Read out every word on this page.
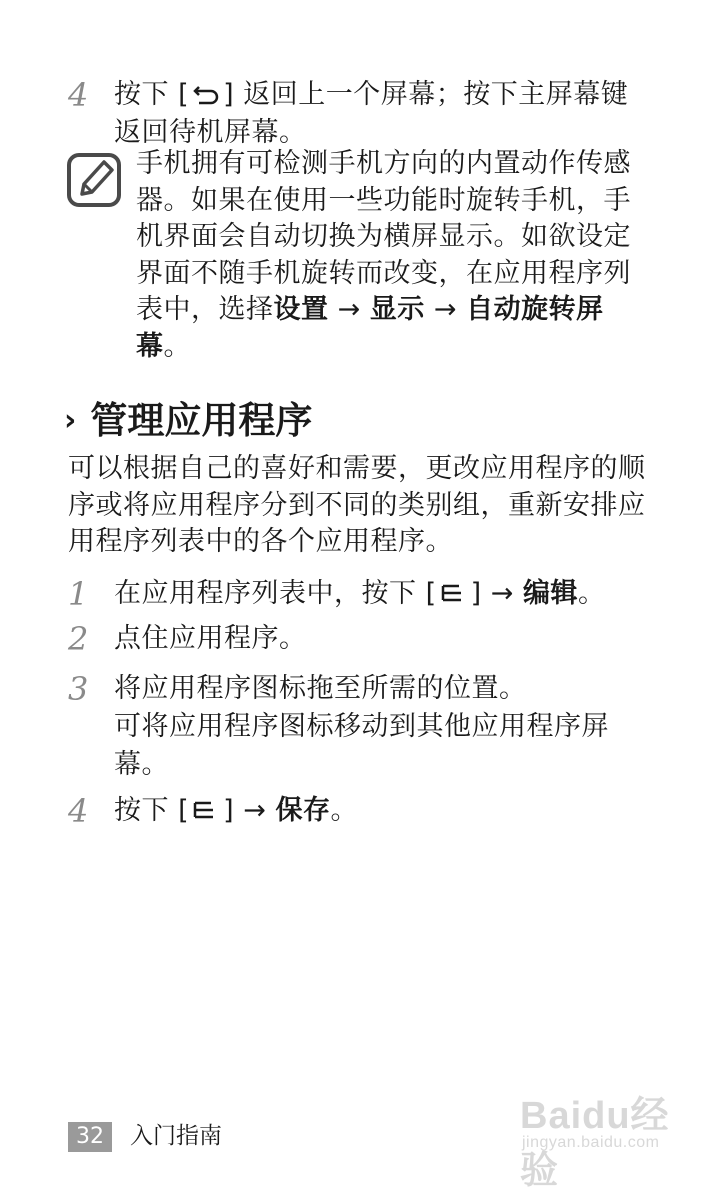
4 按下 [ ] 返回上一个屏幕；按下主屏幕键返回待机屏幕。
手机拥有可检测手机方向的内置动作传感器。如果在使用一些功能时旋转手机，手机界面会自动切换为横屏显示。如欲设定界面不随手机旋转而改变，在应用程序列表中，选择设置 → 显示 → 自动旋转屏幕。
› 管理应用程序
可以根据自己的喜好和需要，更改应用程序的顺序或将应用程序分到不同的类别组，重新安排应用程序列表中的各个应用程序。
1 在应用程序列表中，按下 [ ] → 编辑。
2 点住应用程序。
3 将应用程序图标拖至所需的位置。
可将应用程序图标移动到其他应用程序屏幕。
4 按下 [ ] → 保存。
32	入门指南	Baidu经验
jingyan.baidu.com
